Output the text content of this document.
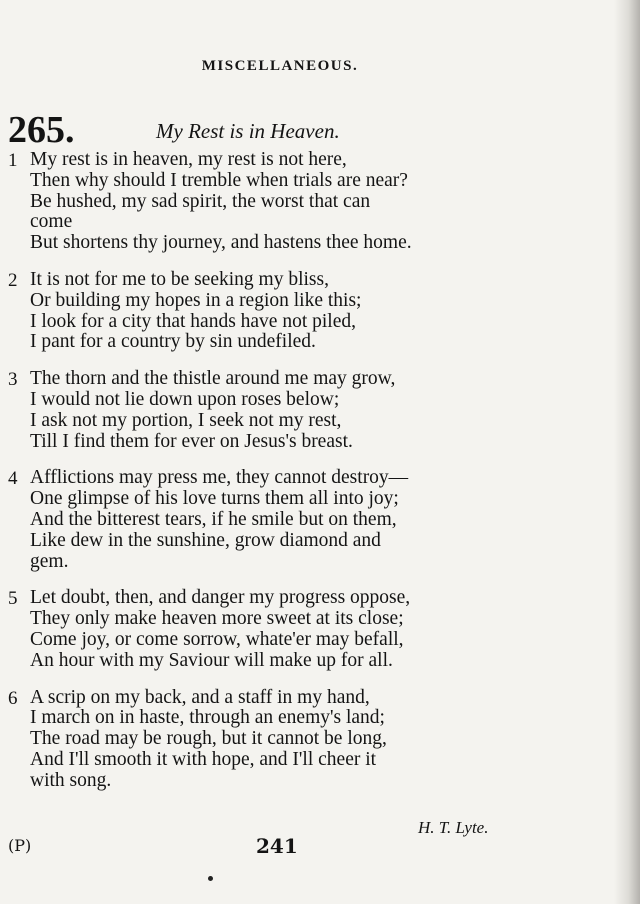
MISCELLANEOUS.
265.	My Rest is in Heaven.
1 My rest is in heaven, my rest is not here,
Then why should I tremble when trials are near?
Be hushed, my sad spirit, the worst that can
come
But shortens thy journey, and hastens thee home.
2 It is not for me to be seeking my bliss,
Or building my hopes in a region like this;
I look for a city that hands have not piled,
I pant for a country by sin undefiled.
3 The thorn and the thistle around me may grow,
I would not lie down upon roses below;
I ask not my portion, I seek not my rest,
Till I find them for ever on Jesus's breast.
4 Afflictions may press me, they cannot destroy—
One glimpse of his love turns them all into joy;
And the bitterest tears, if he smile but on them,
Like dew in the sunshine, grow diamond and
gem.
5 Let doubt, then, and danger my progress oppose,
They only make heaven more sweet at its close;
Come joy, or come sorrow, whate'er may befall,
An hour with my Saviour will make up for all.
6 A scrip on my back, and a staff in my hand,
I march on in haste, through an enemy's land;
The road may be rough, but it cannot be long,
And I'll smooth it with hope, and I'll cheer it
with song.
H. T. Lyte.
(P)	241
